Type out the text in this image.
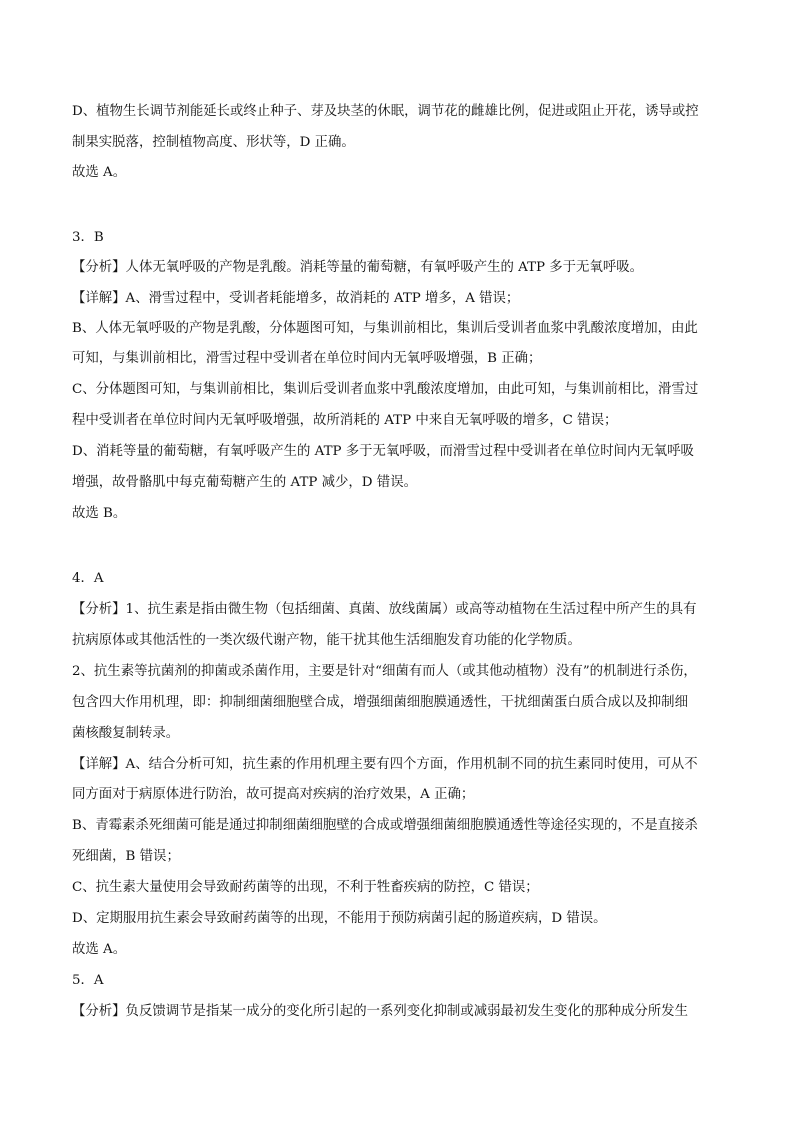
D、植物生长调节剂能延长或终止种子、芽及块茎的休眠，调节花的雌雄比例，促进或阻止开花，诱导或控
制果实脱落，控制植物高度、形状等，D 正确。
故选 A。
3．B
【分析】人体无氧呼吸的产物是乳酸。消耗等量的葡萄糖，有氧呼吸产生的 ATP 多于无氧呼吸。
【详解】A、滑雪过程中，受训者耗能增多，故消耗的 ATP 增多，A 错误；
B、人体无氧呼吸的产物是乳酸，分体题图可知，与集训前相比，集训后受训者血浆中乳酸浓度增加，由此
可知，与集训前相比，滑雪过程中受训者在单位时间内无氧呼吸增强，B 正确；
C、分体题图可知，与集训前相比，集训后受训者血浆中乳酸浓度增加，由此可知，与集训前相比，滑雪过
程中受训者在单位时间内无氧呼吸增强，故所消耗的 ATP 中来自无氧呼吸的增多，C 错误；
D、消耗等量的葡萄糖，有氧呼吸产生的 ATP 多于无氧呼吸，而滑雪过程中受训者在单位时间内无氧呼吸
增强，故骨骼肌中每克葡萄糖产生的 ATP 减少，D 错误。
故选 B。
4．A
【分析】1、抗生素是指由微生物（包括细菌、真菌、放线菌属）或高等动植物在生活过程中所产生的具有
抗病原体或其他活性的一类次级代谢产物，能干扰其他生活细胞发育功能的化学物质。
2、抗生素等抗菌剂的抑菌或杀菌作用，主要是针对“细菌有而人（或其他动植物）没有”的机制进行杀伤，
包含四大作用机理，即：抑制细菌细胞壁合成，增强细菌细胞膜通透性，干扰细菌蛋白质合成以及抑制细
菌核酸复制转录。
【详解】A、结合分析可知，抗生素的作用机理主要有四个方面，作用机制不同的抗生素同时使用，可从不
同方面对于病原体进行防治，故可提高对疾病的治疗效果，A 正确；
B、青霉素杀死细菌可能是通过抑制细菌细胞壁的合成或增强细菌细胞膜通透性等途径实现的，不是直接杀
死细菌，B 错误；
C、抗生素大量使用会导致耐药菌等的出现，不利于牲畜疾病的防控，C 错误；
D、定期服用抗生素会导致耐药菌等的出现，不能用于预防病菌引起的肠道疾病，D 错误。
故选 A。
5．A
【分析】负反馈调节是指某一成分的变化所引起的一系列变化抑制或减弱最初发生变化的那种成分所发生
